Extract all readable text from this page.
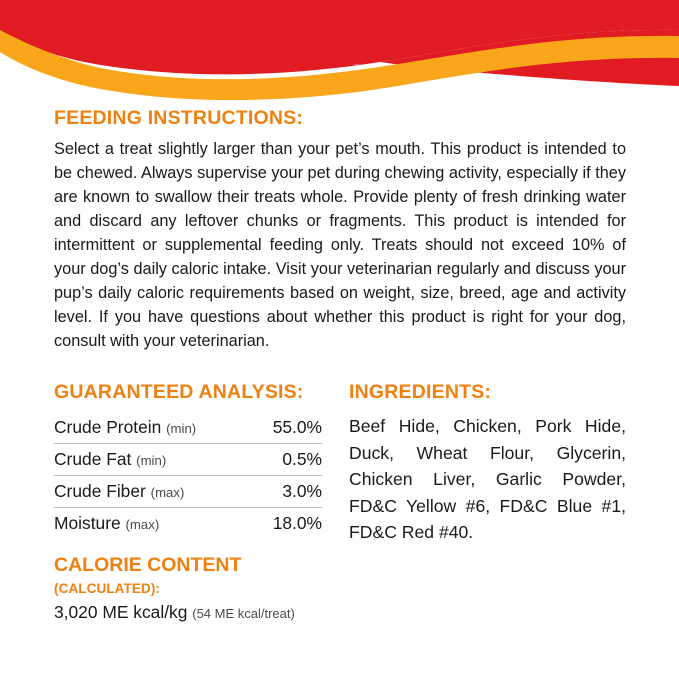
FEEDING INSTRUCTIONS:

Select a treat slightly larger than your pet’s mouth. This product is intended to be chewed. Always supervise your pet during chewing activity, especially if they are known to swallow their treats whole. Provide plenty of fresh drinking water and discard any leftover chunks or fragments. This product is intended for intermittent or supplemental feeding only. Treats should not exceed 10% of your dog’s daily caloric intake. Visit your veterinarian regularly and discuss your pup’s daily caloric requirements based on weight, size, breed, age and activity level. If you have questions about whether this product is right for your dog, consult with your veterinarian.

GUARANTEED ANALYSIS:
Crude Protein (min)	55.0%
Crude Fat (min)	0.5%
Crude Fiber (max)	3.0%
Moisture (max)	18.0%
CALORIE CONTENT (CALCULATED):
3,020 ME kcal/kg (54 ME kcal/treat)
INGREDIENTS:

Beef Hide, Chicken, Pork Hide, Duck, Wheat Flour, Glycerin, Chicken Liver, Garlic Powder, FD&C Yellow #6, FD&C Blue #1, FD&C Red #40.
